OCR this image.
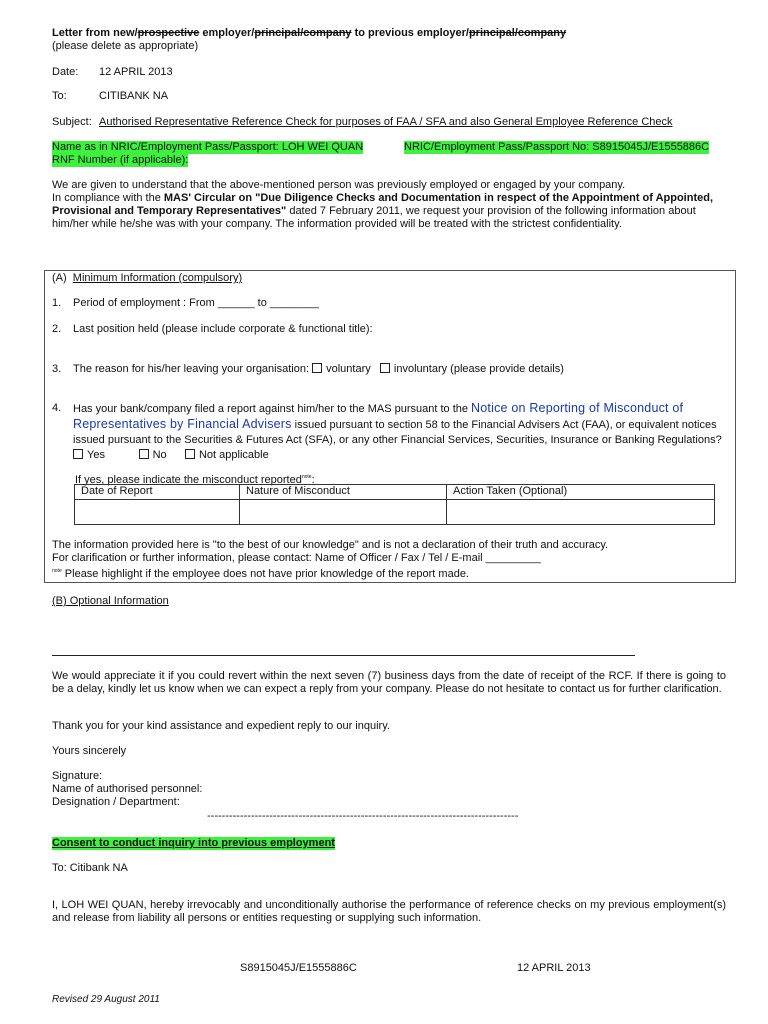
Letter from new/prospective employer/principal/company to previous employer/principal/company
(please delete as appropriate)
Date: 12 APRIL 2013
To:	CITIBANK NA
Subject: Authorised Representative Reference Check for purposes of FAA / SFA and also General Employee Reference Check
Name as in NRIC/Employment Pass/Passport: LOH WEI QUAN	NRIC/Employment Pass/Passport No: S8915045J/E1555886C
RNF Number (if applicable):
We are given to understand that the above-mentioned person was previously employed or engaged by your company.
In compliance with the MAS' Circular on "Due Diligence Checks and Documentation in respect of the Appointment of Appointed, Provisional and Temporary Representatives" dated 7 February 2011, we request your provision of the following information about him/her while he/she was with your company. The information provided will be treated with the strictest confidentiality.
(A) Minimum Information (compulsory)
1. Period of employment : From ______ to ________
2. Last position held (please include corporate & functional title):
3. The reason for his/her leaving your organisation: voluntary involuntary (please provide details)
4. Has your bank/company filed a report against him/her to the MAS pursuant to the Notice on Reporting of Misconduct of Representatives by Financial Advisers issued pursuant to section 58 to the Financial Advisers Act (FAA), or equivalent notices issued pursuant to the Securities & Futures Act (SFA), or any other Financial Services, Securities, Insurance or Banking Regulations?  Yes	No	Not applicable
If yes, please indicate the misconduct reported$^{note}$:
Date of Report	Nature of Misconduct	Action Taken (Optional)

The information provided here is "to the best of our knowledge" and is not a declaration of their truth and accuracy.
For clarification or further information, please contact: Name of Officer / Fax / Tel / E-mail _________
$^{note}$ Please highlight if the employee does not have prior knowledge of the report made.
(B) Optional Information
We would appreciate it if you could revert within the next seven (7) business days from the date of receipt of the RCF. If there is going to be a delay, kindly let us know when we can expect a reply from your company. Please do not hesitate to contact us for further clarification.
Thank you for your kind assistance and expedient reply to our inquiry.
Yours sincerely
Signature:
Name of authorised personnel:
Designation / Department:
-------------------------------------------------------------------------------------
Consent to conduct inquiry into previous employment
To: Citibank NA
I, LOH WEI QUAN, hereby irrevocably and unconditionally authorise the performance of reference checks on my previous employment(s) and release from liability all persons or entities requesting or supplying such information.
S8915045J/E1555886C	12 APRIL 2013
Revised 29 August 2011
